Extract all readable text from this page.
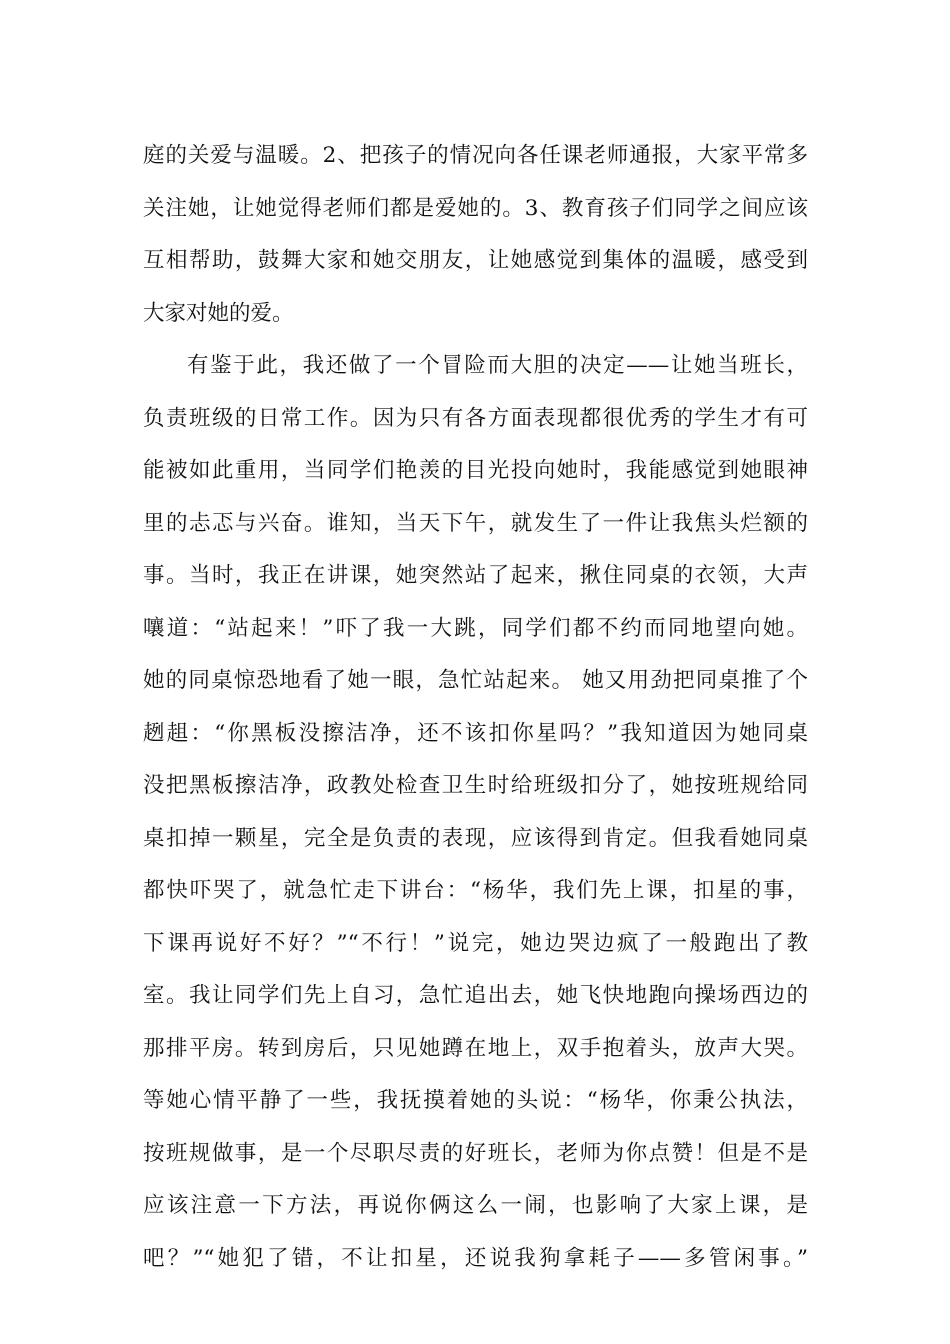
庭的关爱与温暖。2、把孩子的情况向各任课老师通报，大家平常多
关注她，让她觉得老师们都是爱她的。3、教育孩子们同学之间应该
互相帮助，鼓舞大家和她交朋友，让她感觉到集体的温暖，感受到
大家对她的爱。
有鉴于此，我还做了一个冒险而大胆的决定——让她当班长，
负责班级的日常工作。因为只有各方面表现都很优秀的学生才有可
能被如此重用，当同学们艳羡的目光投向她时，我能感觉到她眼神
里的忐忑与兴奋。谁知，当天下午，就发生了一件让我焦头烂额的
事。当时，我正在讲课，她突然站了起来，揪住同桌的衣领，大声
嚷道：“站起来！”吓了我一大跳，同学们都不约而同地望向她。
她的同桌惊恐地看了她一眼，急忙站起来。 她又用劲把同桌推了个
趔趄：“你黑板没擦洁净，还不该扣你星吗？”我知道因为她同桌
没把黑板擦洁净，政教处检查卫生时给班级扣分了，她按班规给同
桌扣掉一颗星，完全是负责的表现，应该得到肯定。但我看她同桌
都快吓哭了，就急忙走下讲台：“杨华，我们先上课，扣星的事，
下课再说好不好？”“不行！”说完，她边哭边疯了一般跑出了教
室。我让同学们先上自习，急忙追出去，她飞快地跑向操场西边的
那排平房。转到房后，只见她蹲在地上，双手抱着头，放声大哭。
等她心情平静了一些，我抚摸着她的头说：“杨华，你秉公执法，
按班规做事，是一个尽职尽责的好班长，老师为你点赞！但是不是
应该注意一下方法，再说你俩这么一闹，也影响了大家上课，是
吧？”“她犯了错，不让扣星，还说我狗拿耗子——多管闲事。”
